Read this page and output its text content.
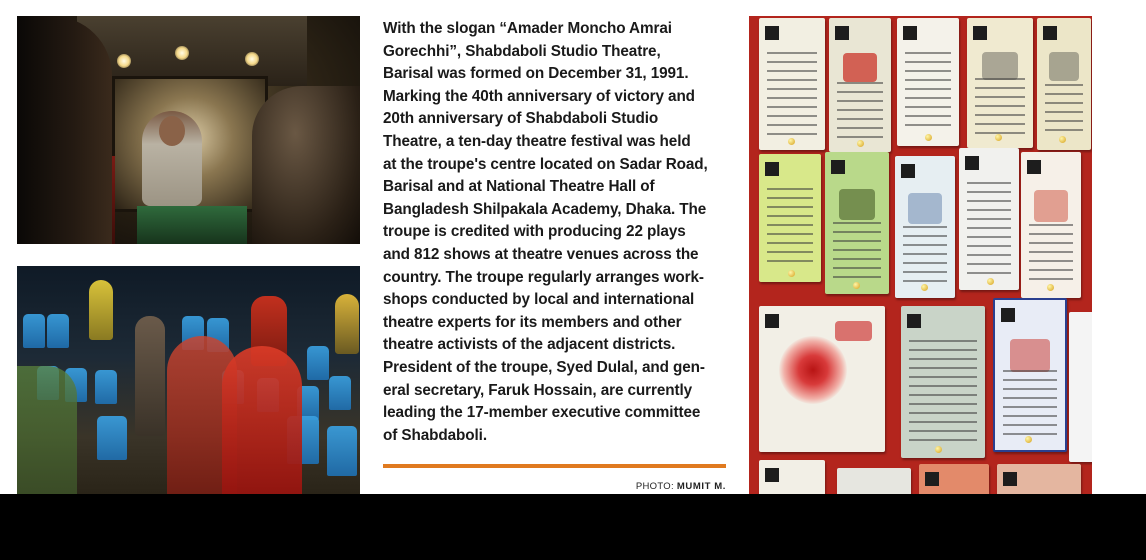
With the slogan “Amader Moncho Amrai
Gorechhi”, Shabdaboli Studio Theatre,
Barisal was formed on December 31, 1991.
Marking the 40th anniversary of victory and
20th anniversary of Shabdaboli Studio
Theatre, a ten-day theatre festival was held
at the troupe's centre located on Sadar Road,
Barisal and at National Theatre Hall of
Bangladesh Shilpakala Academy, Dhaka. The
troupe is credited with producing 22 plays
and 812 shows at theatre venues across the
country. The troupe regularly arranges work-
shops conducted by local and international
theatre experts for its members and other
theatre activists of the adjacent districts.
President of the troupe, Syed Dulal, and gen-
eral secretary, Faruk Hossain, are currently
leading the 17-member executive committee
of Shabdaboli.
PHOTO: MUMIT M.
